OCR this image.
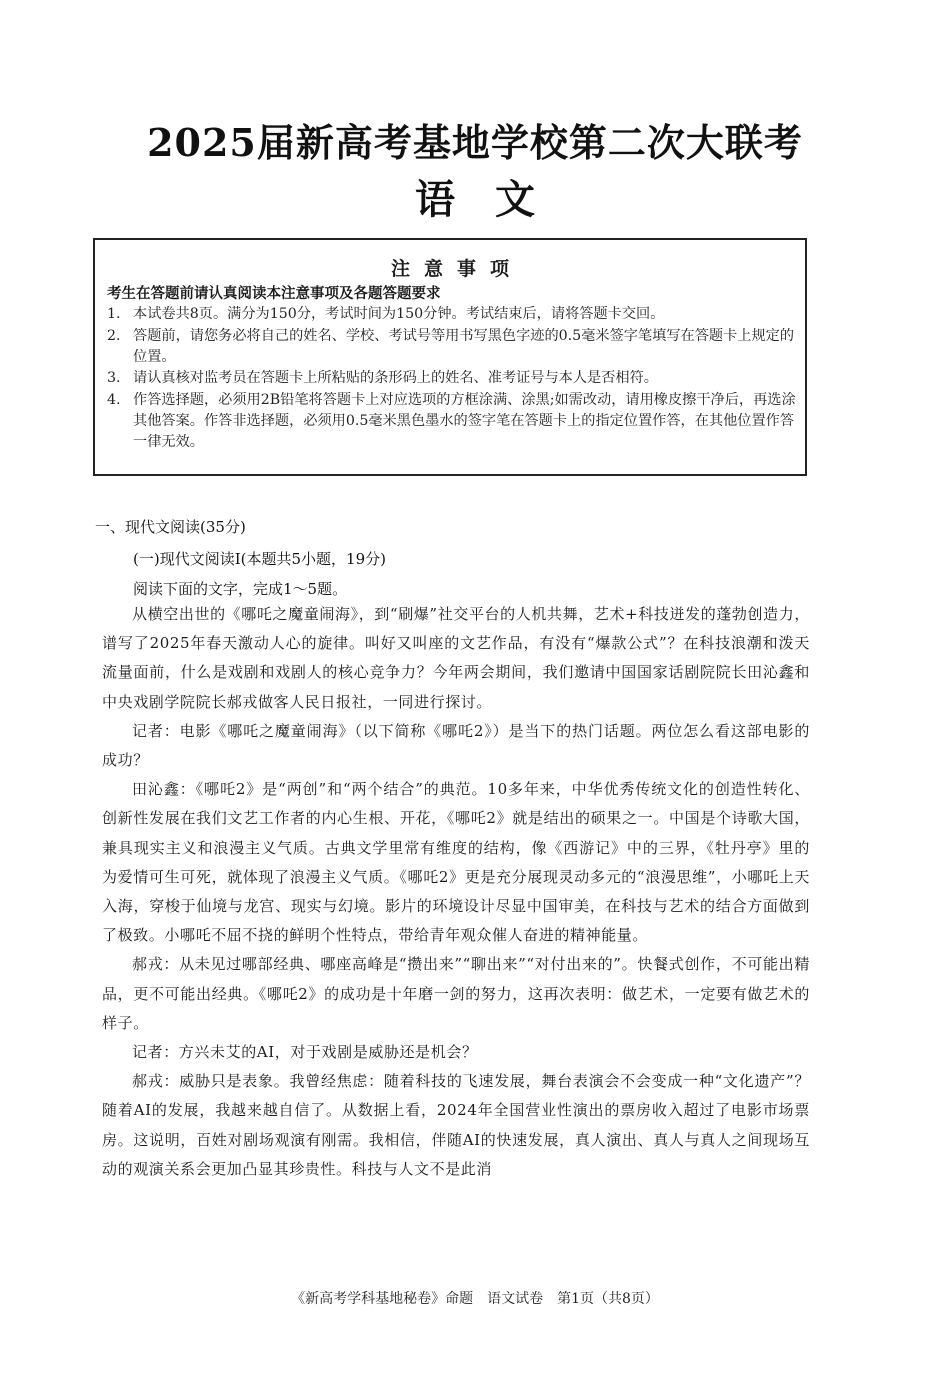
2025届新高考基地学校第二次大联考
语文
注意事项
考生在答题前请认真阅读本注意事项及各题答题要求
1. 本试卷共8页。满分为150分，考试时间为150分钟。考试结束后，请将答题卡交回。
2. 答题前，请您务必将自己的姓名、学校、考试号等用书写黑色字迹的0.5毫米签字笔填写在答题卡上规定的位置。
3. 请认真核对监考员在答题卡上所粘贴的条形码上的姓名、准考证号与本人是否相符。
4. 作答选择题，必须用2B铅笔将答题卡上对应选项的方框涂满、涂黑;如需改动，请用橡皮擦干净后，再选涂其他答案。作答非选择题，必须用0.5毫米黑色墨水的签字笔在答题卡上的指定位置作答，在其他位置作答一律无效。
一、现代文阅读(35分)
(一)现代文阅读Ⅰ(本题共5小题，19分)
阅读下面的文字，完成1～5题。

从横空出世的《哪吒之魔童闹海》，到“刷爆”社交平台的人机共舞，艺术+科技迸发的蓬勃创造力，谱写了2025年春天激动人心的旋律。叫好又叫座的文艺作品，有没有“爆款公式”？在科技浪潮和泼天流量面前，什么是戏剧和戏剧人的核心竞争力？今年两会期间，我们邀请中国国家话剧院院长田沁鑫和中央戏剧学院院长郝戎做客人民日报社，一同进行探讨。

记者：电影《哪吒之魔童闹海》（以下简称《哪吒2》）是当下的热门话题。两位怎么看这部电影的成功？

田沁鑫：《哪吒2》是“两创”和“两个结合”的典范。10多年来，中华优秀传统文化的创造性转化、创新性发展在我们文艺工作者的内心生根、开花，《哪吒2》就是结出的硕果之一。中国是个诗歌大国，兼具现实主义和浪漫主义气质。古典文学里常有维度的结构，像《西游记》中的三界，《牡丹亭》里的为爱情可生可死，就体现了浪漫主义气质。《哪吒2》更是充分展现灵动多元的“浪漫思维”，小哪吒上天入海，穿梭于仙境与龙宫、现实与幻境。影片的环境设计尽显中国审美，在科技与艺术的结合方面做到了极致。小哪吒不屈不挠的鲜明个性特点，带给青年观众催人奋进的精神能量。

郝戎：从未见过哪部经典、哪座高峰是“攒出来”“聊出来”“对付出来的”。快餐式创作，不可能出精品，更不可能出经典。《哪吒2》的成功是十年磨一剑的努力，这再次表明：做艺术，一定要有做艺术的样子。

记者：方兴未艾的AI，对于戏剧是威胁还是机会？

郝戎：威胁只是表象。我曾经焦虑：随着科技的飞速发展，舞台表演会不会变成一种“文化遗产”？随着AI的发展，我越来越自信了。从数据上看，2024年全国营业性演出的票房收入超过了电影市场票房。这说明，百姓对剧场观演有刚需。我相信，伴随AI的快速发展，真人演出、真人与真人之间现场互动的观演关系会更加凸显其珍贵性。科技与人文不是此消

《新高考学科基地秘卷》命题　语文试卷　第1页（共8页）
